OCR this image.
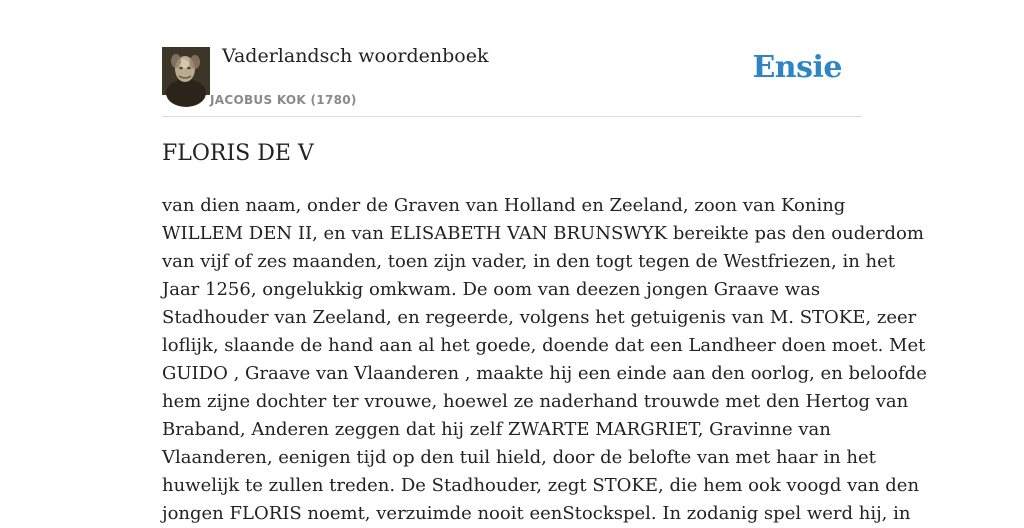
Vaderlandsch woordenboek
JACOBUS KOK (1780)
Ensie
FLORIS DE V
van dien naam, onder de Graven van Holland en Zeeland, zoon van Koning
WILLEM DEN II, en van ELISABETH VAN BRUNSWYK bereikte pas den ouderdom
van vijf of zes maanden, toen zijn vader, in den togt tegen de Westfriezen, in het
Jaar 1256, ongelukkig omkwam. De oom van deezen jongen Graave was
Stadhouder van Zeeland, en regeerde, volgens het getuigenis van M. STOKE, zeer
loflijk, slaande de hand aan al het goede, doende dat een Landheer doen moet. Met
GUIDO , Graave van Vlaanderen , maakte hij een einde aan den oorlog, en beloofde
hem zijne dochter ter vrouwe, hoewel ze naderhand trouwde met den Hertog van
Braband, Anderen zeggen dat hij zelf ZWARTE MARGRIET, Gravinne van
Vlaanderen, eenigen tijd op den tuil hield, door de belofte van met haar in het
huwelijk te zullen treden. De Stadhouder, zegt STOKE, die hem ook voogd van den
jongen FLORIS noemt, verzuimde nooit eenStockspel. In zodanig spel werd hij, in
